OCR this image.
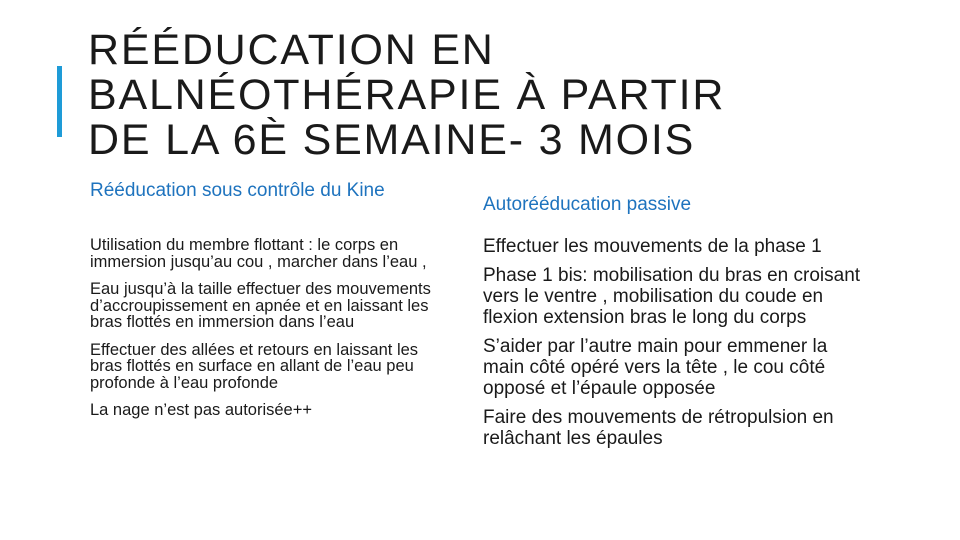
RÉÉDUCATION EN
BALNÉOTHÉRAPIE À PARTIR
DE LA 6È SEMAINE- 3 MOIS

Rééducation sous contrôle du Kine

Utilisation du membre flottant : le corps en immersion jusqu’au cou , marcher dans l’eau ,

Eau jusqu’à la taille effectuer des mouvements d’accroupissement en apnée et en laissant les bras flottés en immersion dans l’eau

Effectuer des allées et retours en laissant les bras flottés en surface en allant de l’eau peu profonde à l’eau profonde

La nage n’est pas autorisée++

Autorééducation passive

Effectuer les mouvements de la phase 1

Phase 1 bis: mobilisation du bras en croisant vers le ventre , mobilisation du coude en flexion extension bras le long du corps

S’aider par l’autre main pour emmener la main côté opéré vers la tête , le cou côté opposé et l’épaule opposée

Faire des mouvements de rétropulsion en relâchant les épaules
